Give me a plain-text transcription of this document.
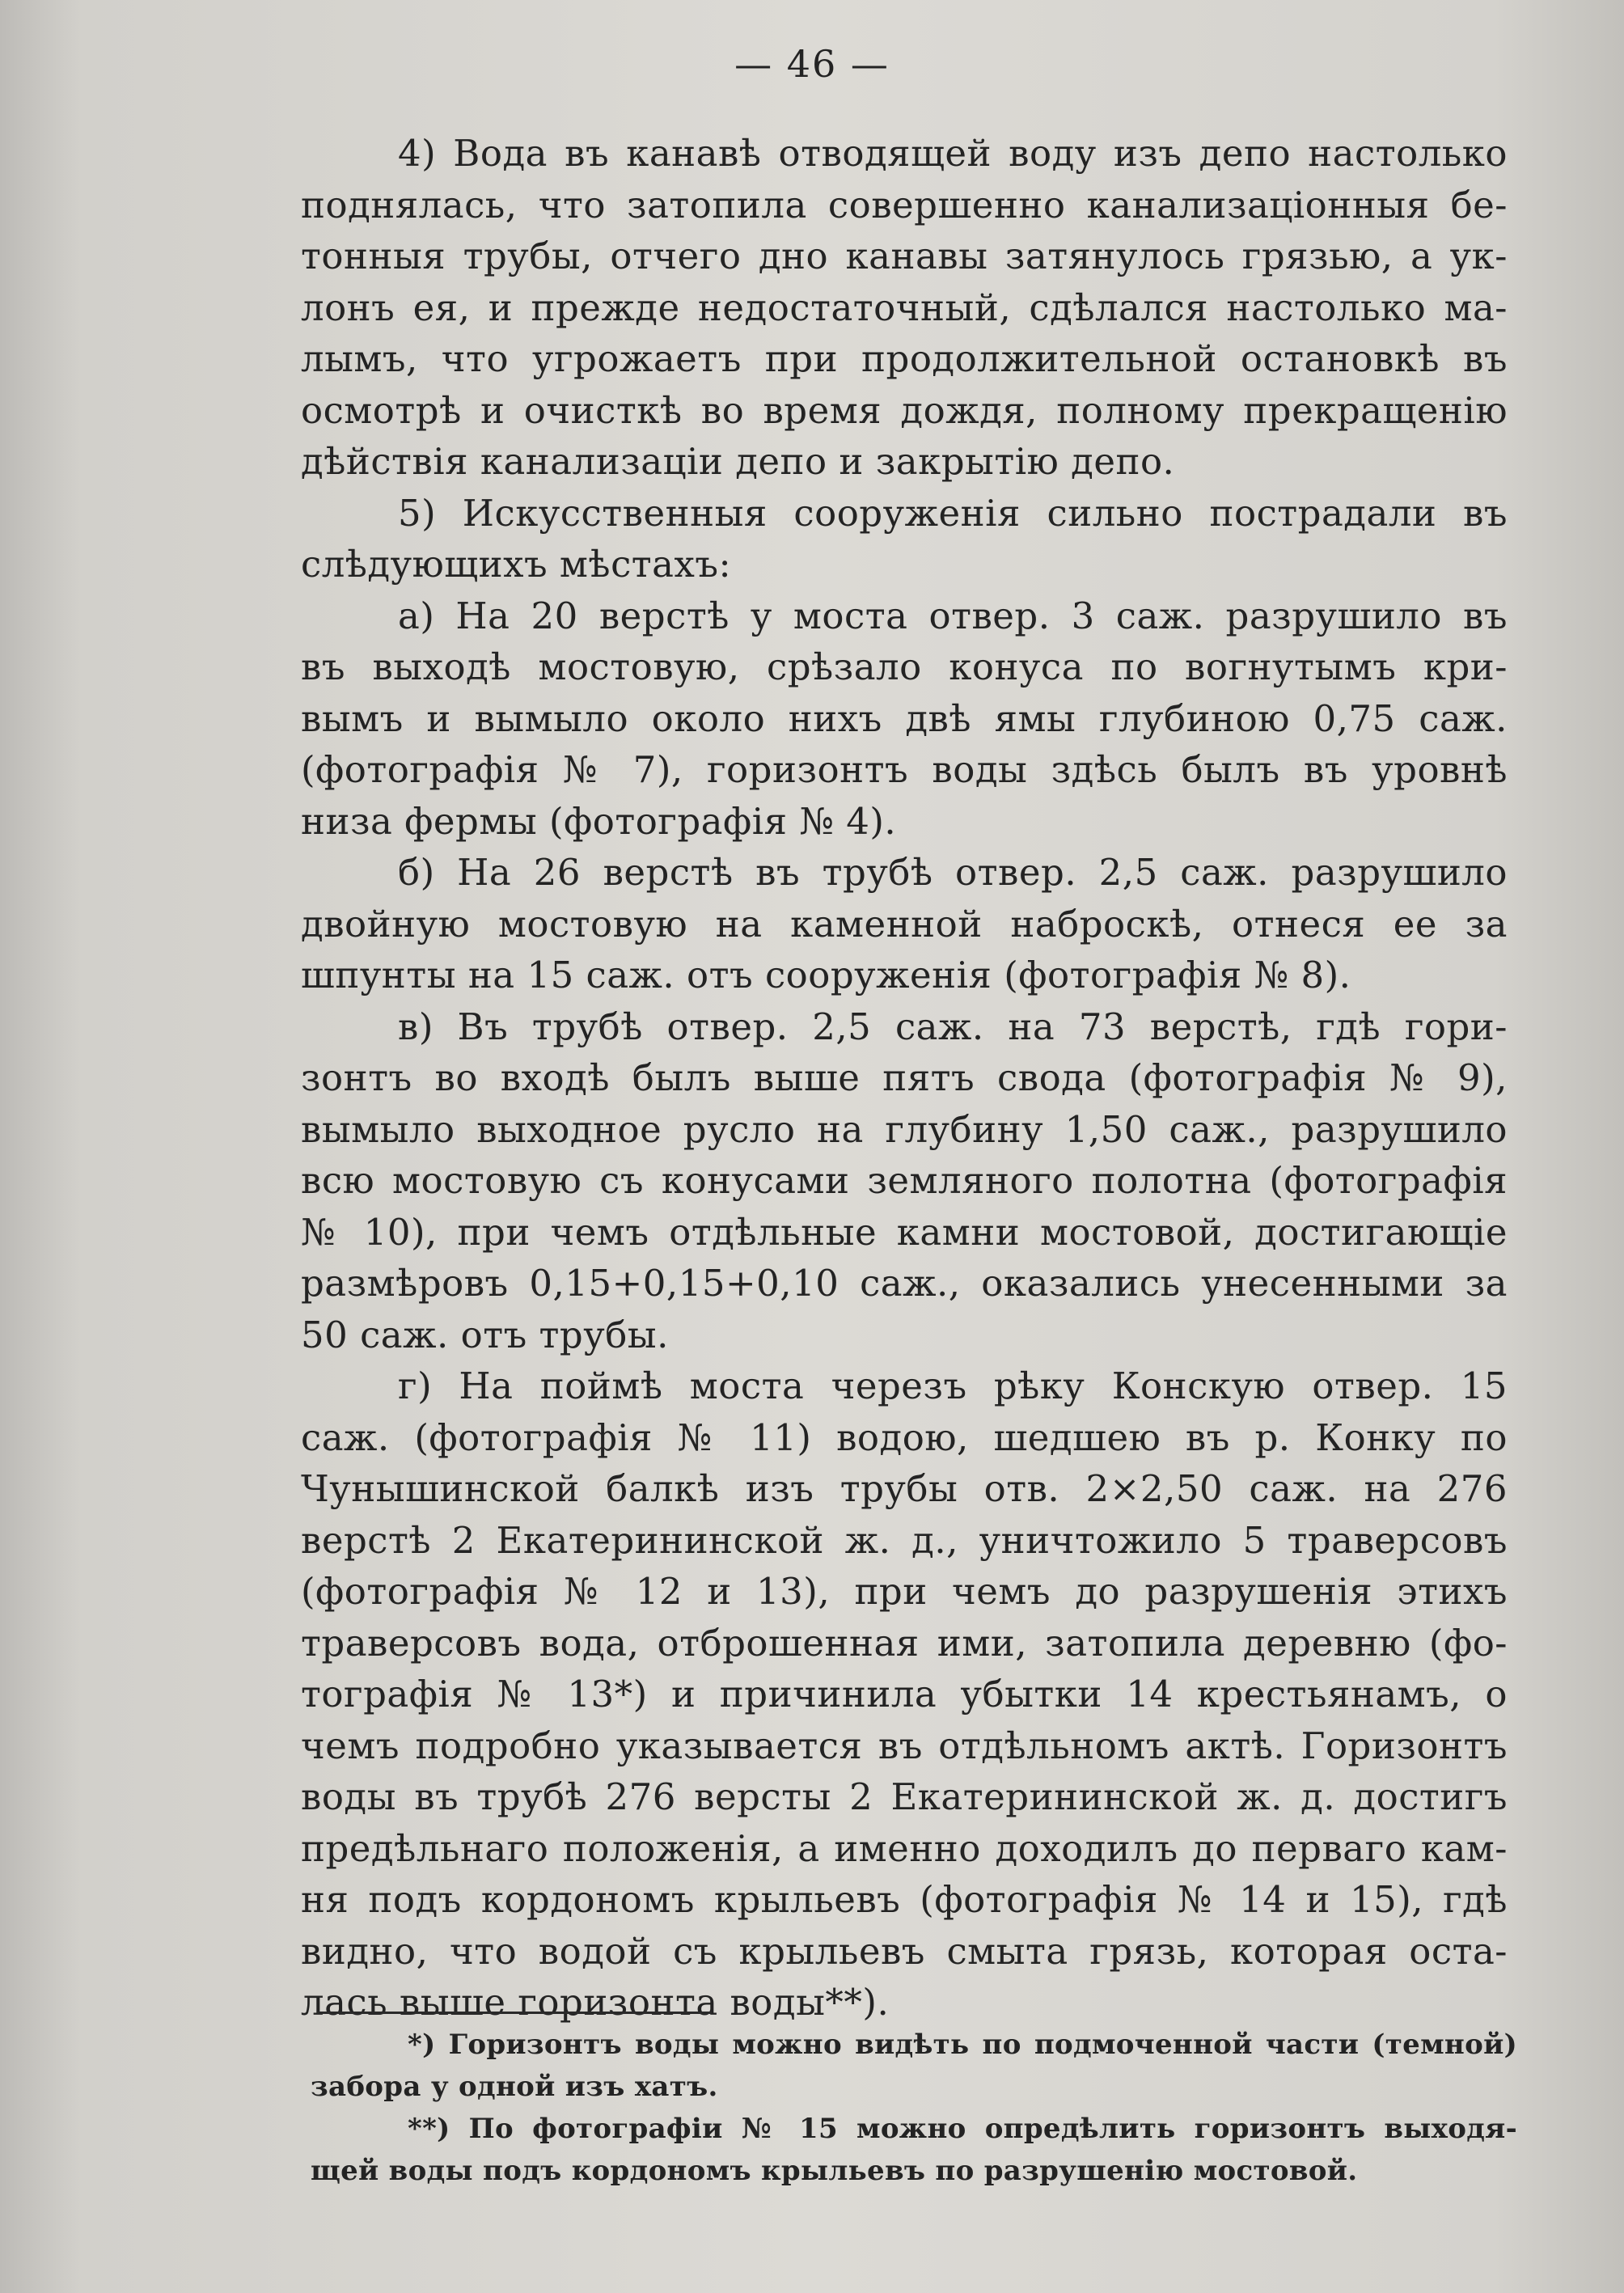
— 46 —
4) Вода въ канавѣ отводящей воду изъ депо настолько
поднялась, что затопила совершенно канализаціонныя бе-
тонныя трубы, отчего дно канавы затянулось грязью, а ук-
лонъ ея, и прежде недостаточный, сдѣлался настолько ма-
лымъ, что угрожаетъ при продолжительной остановкѣ въ
осмотрѣ и очисткѣ во время дождя, полному прекращенію
дѣйствія канализаціи депо и закрытію депо.
5) Искусственныя сооруженія сильно пострадали въ
слѣдующихъ мѣстахъ:
а) На 20 верстѣ у моста отвер. 3 саж. разрушило въ
въ выходѣ мостовую, срѣзало конуса по вогнутымъ кри-
вымъ и вымыло около нихъ двѣ ямы глубиною 0,75 саж.
(фотографія № 7), горизонтъ воды здѣсь былъ въ уровнѣ
низа фермы (фотографія № 4).
б) На 26 верстѣ въ трубѣ отвер. 2,5 саж. разрушило
двойную мостовую на каменной наброскѣ, отнеся ее за
шпунты на 15 саж. отъ сооруженія (фотографія № 8).
в) Въ трубѣ отвер. 2,5 саж. на 73 верстѣ, гдѣ гори-
зонтъ во входѣ былъ выше пятъ свода (фотографія № 9),
вымыло выходное русло на глубину 1,50 саж., разрушило
всю мостовую съ конусами земляного полотна (фотографія
№ 10), при чемъ отдѣльные камни мостовой, достигающіе
размѣровъ 0,15+0,15+0,10 саж., оказались унесенными за
50 саж. отъ трубы.
г) На поймѣ моста черезъ рѣку Конскую отвер. 15
саж. (фотографія № 11) водою, шедшею въ р. Конку по
Чунышинской балкѣ изъ трубы отв. 2×2,50 саж. на 276
верстѣ 2 Екатерининской ж. д., уничтожило 5 траверсовъ
(фотографія № 12 и 13), при чемъ до разрушенія этихъ
траверсовъ вода, отброшенная ими, затопила деревню (фо-
тографія № 13*) и причинила убытки 14 крестьянамъ, о
чемъ подробно указывается въ отдѣльномъ актѣ. Горизонтъ
воды въ трубѣ 276 версты 2 Екатерининской ж. д. достигъ
предѣльнаго положенія, а именно доходилъ до перваго кам-
ня подъ кордономъ крыльевъ (фотографія № 14 и 15), гдѣ
видно, что водой съ крыльевъ смыта грязь, которая оста-
лась выше горизонта воды**).
*) Горизонтъ воды можно видѣть по подмоченной части (темной)
забора у одной изъ хатъ.
**) По фотографіи № 15 можно опредѣлить горизонтъ выходя-
щей воды подъ кордономъ крыльевъ по разрушенію мостовой.
